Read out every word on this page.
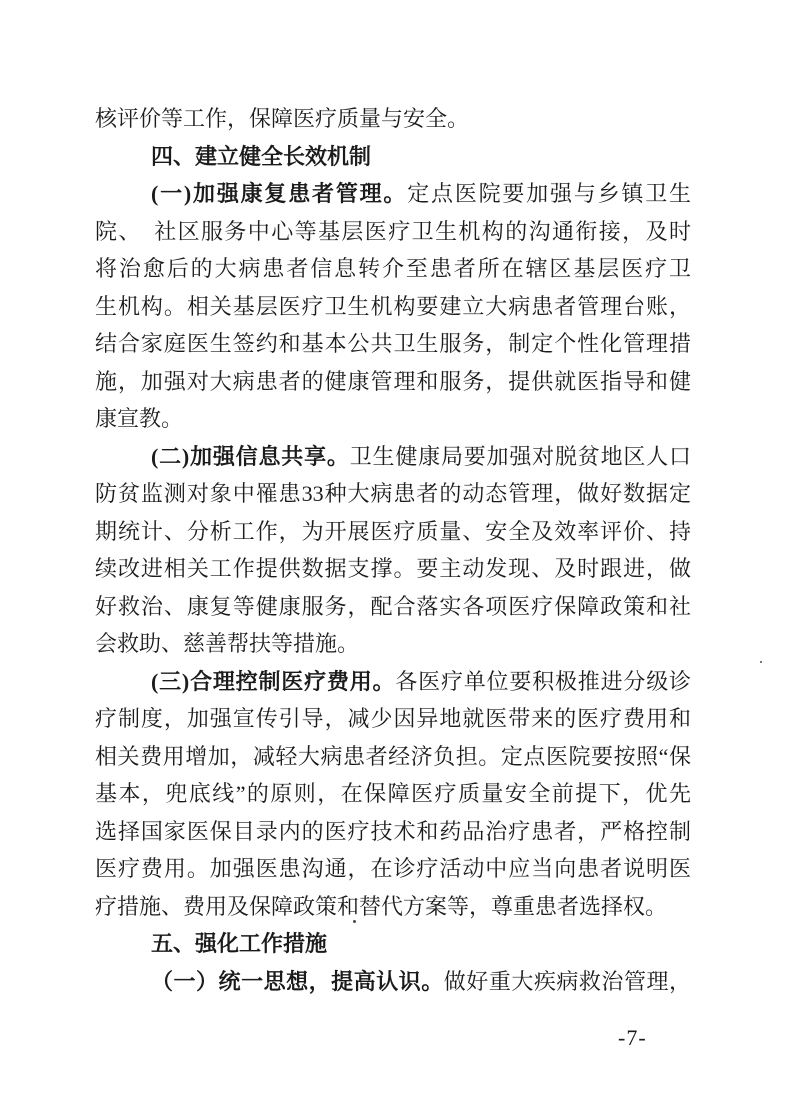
核评价等工作，保障医疗质量与安全。
四、建立健全长效机制
(一)加强康复患者管理。定点医院要加强与乡镇卫生
院、　社区服务中心等基层医疗卫生机构的沟通衔接，及时
将治愈后的大病患者信息转介至患者所在辖区基层医疗卫
生机构。相关基层医疗卫生机构要建立大病患者管理台账，
结合家庭医生签约和基本公共卫生服务，制定个性化管理措
施，加强对大病患者的健康管理和服务，提供就医指导和健
康宣教。
(二)加强信息共享。卫生健康局要加强对脱贫地区人口
防贫监测对象中罹患33种大病患者的动态管理，做好数据定
期统计、分析工作，为开展医疗质量、安全及效率评价、持
续改进相关工作提供数据支撑。要主动发现、及时跟进，做
好救治、康复等健康服务，配合落实各项医疗保障政策和社
会救助、慈善帮扶等措施。
(三)合理控制医疗费用。各医疗单位要积极推进分级诊
疗制度，加强宣传引导，减少因异地就医带来的医疗费用和
相关费用增加，减轻大病患者经济负担。定点医院要按照“保
基本，兜底线”的原则，在保障医疗质量安全前提下，优先
选择国家医保目录内的医疗技术和药品治疗患者，严格控制
医疗费用。加强医患沟通，在诊疗活动中应当向患者说明医
疗措施、费用及保障政策和替代方案等，尊重患者选择权。
五、强化工作措施
（一）统一思想，提高认识。做好重大疾病救治管理，
-7-
